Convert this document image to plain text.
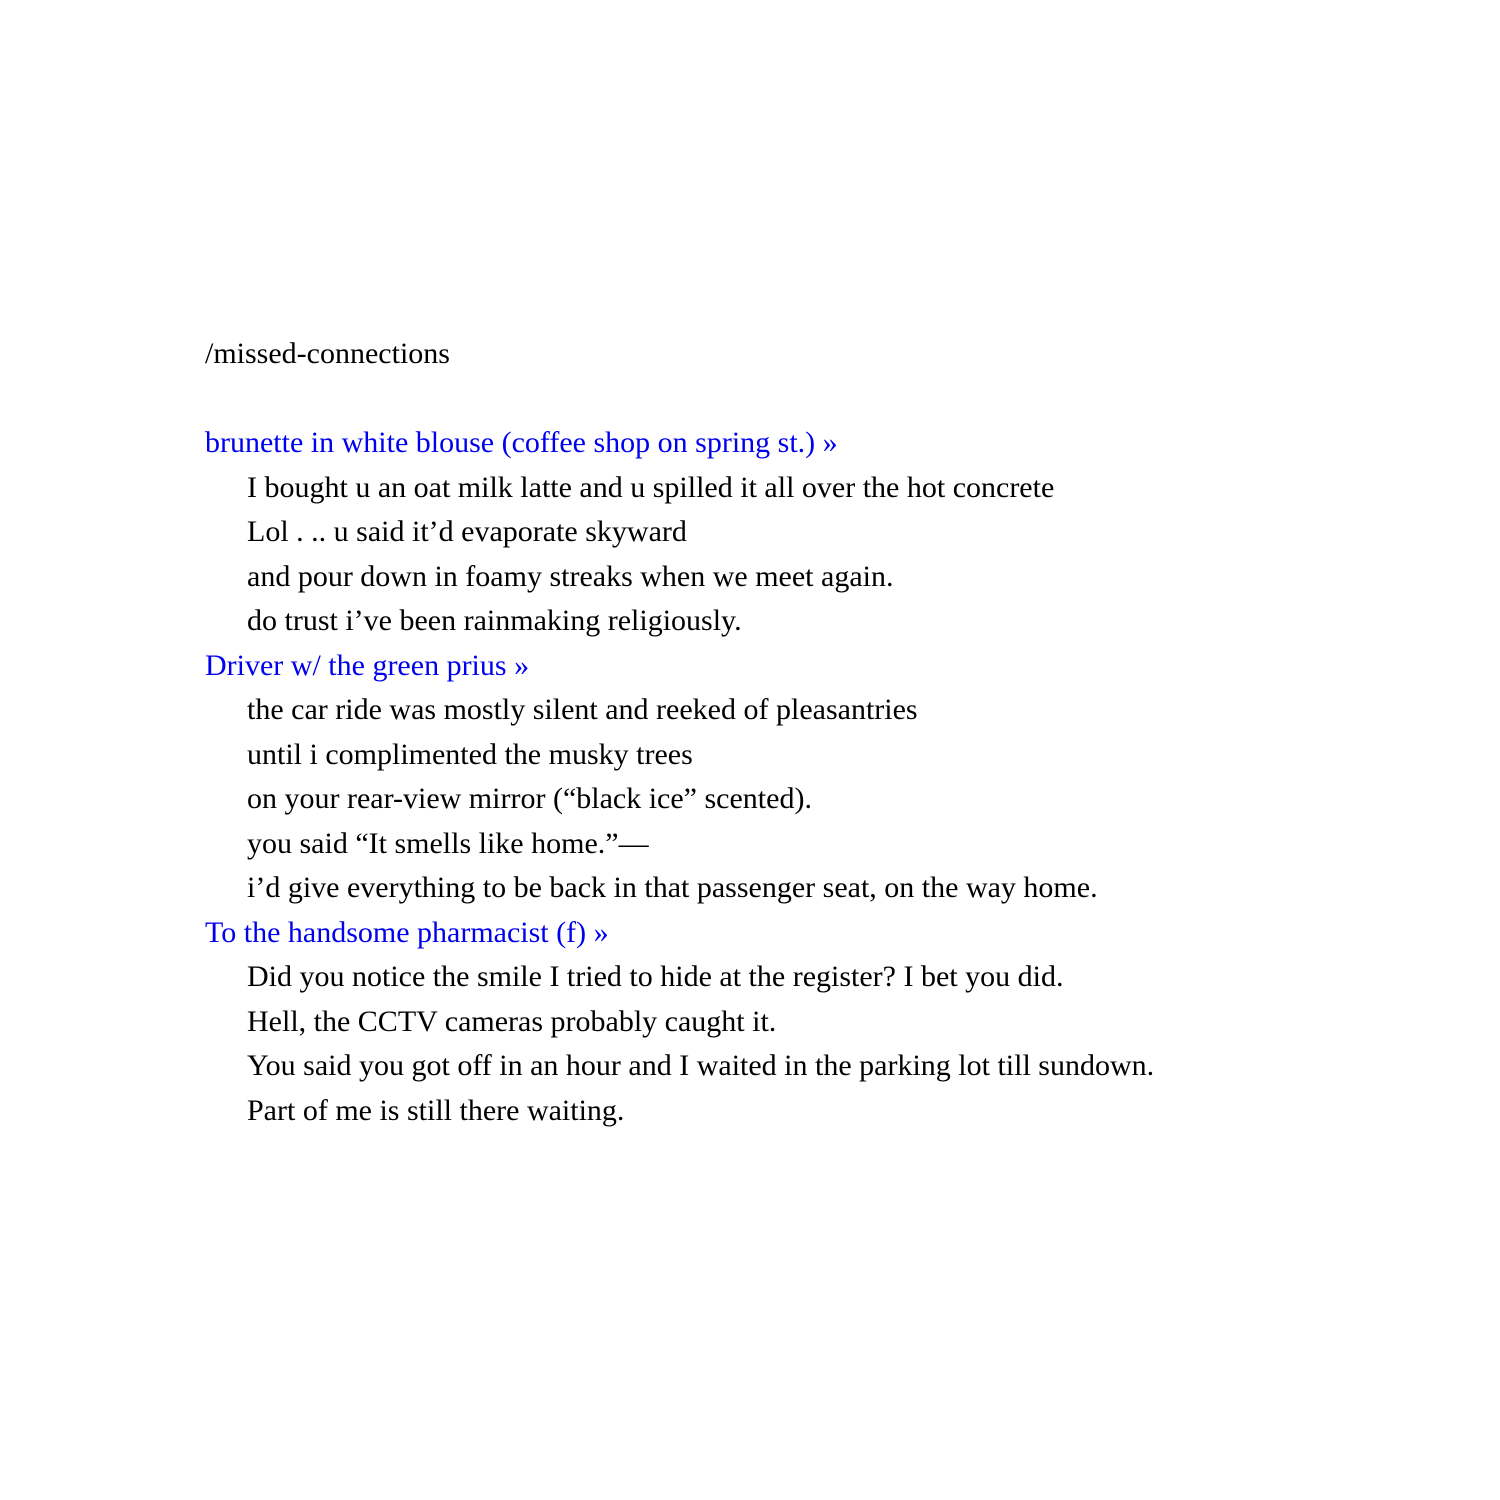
/missed-connections
brunette in white blouse (coffee shop on spring st.) »
I bought u an oat milk latte and u spilled it all over the hot concrete
Lol . .. u said it’d evaporate skyward
and pour down in foamy streaks when we meet again.
do trust i’ve been rainmaking religiously.
Driver w/ the green prius »
the car ride was mostly silent and reeked of pleasantries
until i complimented the musky trees
on your rear-view mirror (“black ice” scented).
you said “It smells like home.”—
i’d give everything to be back in that passenger seat, on the way home.
To the handsome pharmacist (f) »
Did you notice the smile I tried to hide at the register? I bet you did.
Hell, the CCTV cameras probably caught it.
You said you got off in an hour and I waited in the parking lot till sundown.
Part of me is still there waiting.
